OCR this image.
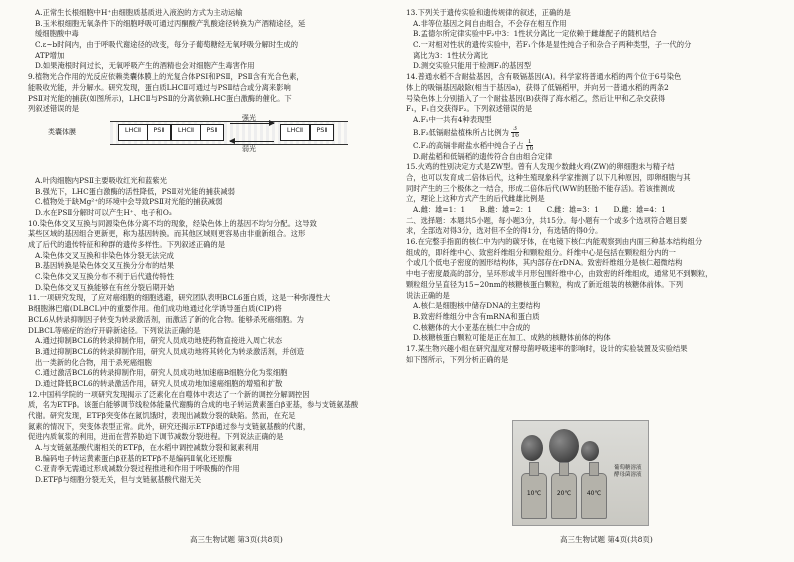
A.正常生长根细胞中H⁺由细胞质基质进入液泡的方式为主动运输
B.玉米根细胞无氧条件下的细胞呼吸可通过丙酮酸产乳酸途径转换为产酒精途径，延
缓细胞酸中毒
C.ε~b时间内，由于呼吸代谢途径的改变，每分子葡萄糖经无氧呼吸分解时生成的
ATP增加
D.如果淹根时间过长，无氧呼吸产生的酒精也会对细胞产生毒害作用
9.植物光合作用的光反应依赖类囊体膜上的光复合体PSⅠ和PSⅡ，PSⅡ含有光合色素，
能吸收光能，并分解水。研究发现，蛋白质LHCⅡ可通过与PSⅡ结合或分离来影响
PSⅡ对光能的捕获(如图所示)，LHCⅡ与PSⅡ的分离依赖LHC蛋白激酶的催化。下
列叙述错误的是
类囊体膜	LHCⅡ	PSⅡ	LHCⅡ	PSⅡ	LHCⅡ	PSⅡ
强光
弱光
A.叶肉细胞内PSⅡ主要吸收红光和蓝紫光
B.强光下，LHC蛋白激酶的活性降低，PSⅡ对光能的捕获减弱
C.植物处于缺Mg²⁺的环境中会导致PSⅡ对光能的捕获减弱
D.水在PSⅡ分解时可以产生H⁺、电子和O₂
10.染色体交叉互换与同源染色体分离不均的现象，经染色体上的基因不均匀分配。这导致
某些区域的基因组合更新更，称为基因转换。而其他区域则更容易由非重新组合。这形
成了后代的遗传特征和种群的遗传多样性。下列叙述正确的是
A.染色体交叉互换和非染色体分裂无法完成
B.基因转换是染色体交叉互换分分布的结果
C.染色体交叉互换分布不利于后代遗传特性
D.染色体交叉互换能够在有丝分裂后期开始
11.一项研究发现，了应对癌细胞的细胞逃避，研究团队表明BCL6蛋白质，这是一种弥漫性大
B细胞淋巴瘤(DLBCL)中的重要作用。他们成功地通过化学诱导蛋白质(CIP)将
BCL6从转录抑制因子转变为转录激活剂，而激活了新的化合物。能够杀死癌细胞。为
DLBCL等癌症的治疗开辟新途径。下列说法正确的是
A.通过抑制BCL6的转录抑制作用，研究人员成功地使药物直接进入周亡状态
B.通过抑制BCL6的转录抑制作用，研究人员成功地将其转化为转录激活剂，并创造
出一类新的化合物，用于杀死癌细胞
C.通过激活BCL6的转录抑制作用，研究人员成功地加速癌B细胞分化为浆细胞
D.通过降低BCL6的转录激活作用，研究人员成功地加速癌细胞的增殖和扩散
12.中国科学院的一项研究发现揭示了泛素化在自噬体中表达了一个新的调控分解调控因
质，名为ETFβ。该蛋白能够调节线粒体能量代谢酶的合成的电子转运黄素蛋白β亚基，参与支链氨基酸
代谢。研究发现，ETFβ突变体在氮饥饿时，表现出减数分裂的缺陷。然而，在充足
氮素的情况下，突变体表型正常。此外，研究还揭示ETFβ通过参与支链氨基酸的代谢，
促进内质氧浆的利用，进而在营养胁迫下调节减数分裂进程。下列说法正确的是
A.与支链氨基酸代谢相关的ETFβ，在水稻中调控减数分裂和氮素利用
B.编码电子转运黄素蛋白β亚基的ETFβ不是编码Ⅱ氧化还原酶
C.亚青季无需通过形成减数分裂过程推进和作用于呼吸酶的作用
D.ETFβ与细胞分裂无关，但与支链氨基酸代谢无关
13.下列关于遗传实验和遗传规律的叙述，正确的是
A.非等位基因之间自由组合，不会存在相互作用
B.孟德尔所定律实验中F₂中3：1性状分离比一定依赖于雌雄配子的随机结合
C.一对相对性状的遗传实验中，若F₁个体是显性纯合子和杂合子两种类型，子一代的分
离比为3：1性状分离比
D.测交实验只能用于检测F₁的基因型
14.普通水稻不含耐盐基因，含有吸镉基因(A)。科学家将普通水稻的两个位于6号染色
体上的吸镉基因敲除(相当于基因a)，获得了低镉稻甲，并向另一普通水稻的两条2
号染色体上分别插入了一个耐盐基因(B)获得了海水稻乙，然后让甲和乙杂交获得
F₁，F₁自交获得F₂。下列叙述错误的是
A.F₁中一共有4种表现型
B.F₂低镉耐盐植株所占比例为 $\frac{3}{16}$
C.F₂的高镉非耐盐水稻中纯合子占 $\frac{1}{16}$
D.耐盐稻和低镉稻的遗传符合自由组合定律
15.火鸡的性别决定方式是ZW型。曾有人发现少数雌火鸡(ZW)的卵细胞未与精子结
合，也可以发育成二倍体后代，这种生殖现象科学家推测了以下几种原因，即卵细胞与其
同时产生的三个极体之一结合，形成二倍体后代(WW的胚胎不能存活)。若该推测成
立，理论上这种方式产生的后代雌雄比例是
A.雌：雄=1：1　　B.雌：雄=2：1　　C.雌：雄=3：1　　D.雌：雄=4：1
二、选择题：本题共5小题，每小题3分，共15分。每小题有一个或多个选项符合题目要
求，全部选对得3分，选对但不全的得1分，有选错的得0分。
16.在完整手指面的核仁中为内的碳牙体，在电镜下核仁内能观察到由内面三种基本结构组分
组成的，即纤维中心、致密纤维组分和颗粒组分。纤维中心是包括在颗粒组分内的一
个或几个低电子密度的圆形结构体，其内部存在rDNA。致密纤维组分是核仁超微结构
中电子密度最高的部分，呈环形或半月形包围纤维中心，由致密的纤维组成，通常见不到颗粒，
颗粒组分呈直径为15~20nm的核糖核蛋白颗粒，构成了新近组装的核糖体前体。下列
说法正确的是
A.核仁是细胞核中储存DNA的主要结构
B.致密纤维组分中含有mRNA和蛋白质
C.核糖体的大小亚基在核仁中合成的
D.核糖核蛋白颗粒可能是正在加工、成熟的核糖体前体的构体
17.某生物兴趣小组在研究温度对酵母菌呼吸速率的影响时，设计的实验装置及实验结果
如下图所示，下列分析正确的是
10℃	20℃	40℃
葡萄糖溶液 酵母菌溶液
高三生物试题 第3页(共8页)	高三生物试题 第4页(共8页)
